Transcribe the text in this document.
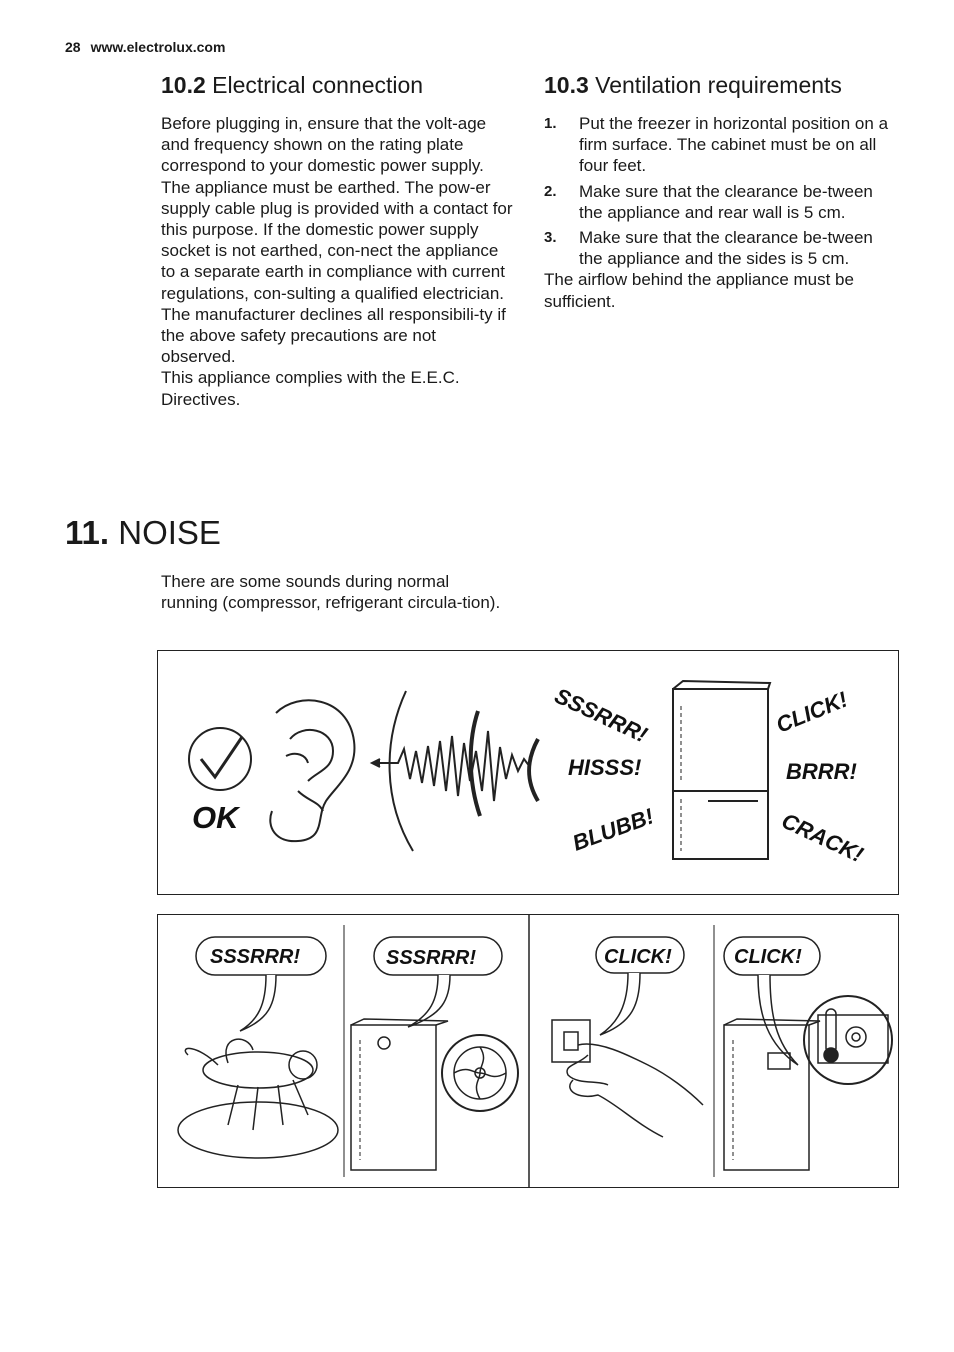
28 www.electrolux.com
10.2 Electrical connection

Before plugging in, ensure that the volt-age and frequency shown on the rating plate correspond to your domestic power supply.

The appliance must be earthed. The pow-er supply cable plug is provided with a contact for this purpose. If the domestic power supply socket is not earthed, con-nect the appliance to a separate earth in compliance with current regulations, con-sulting a qualified electrician.

The manufacturer declines all responsibili-ty if the above safety precautions are not observed.

This appliance complies with the E.E.C. Directives.

10.3 Ventilation requirements
1. Put the freezer in horizontal position on a firm surface. The cabinet must be on all four feet.
2. Make sure that the clearance be-tween the appliance and rear wall is 5 cm.
3. Make sure that the clearance be-tween the appliance and the sides is 5 cm.

The airflow behind the appliance must be sufficient.

11. NOISE

There are some sounds during normal running (compressor, refrigerant circula-tion).

OK
SSSRRR!
HISSS!
BLUBB!
CLICK!
BRRR!
CRACK!
SSSRRR!	SSSRRR!	CLICK!	CLICK!
